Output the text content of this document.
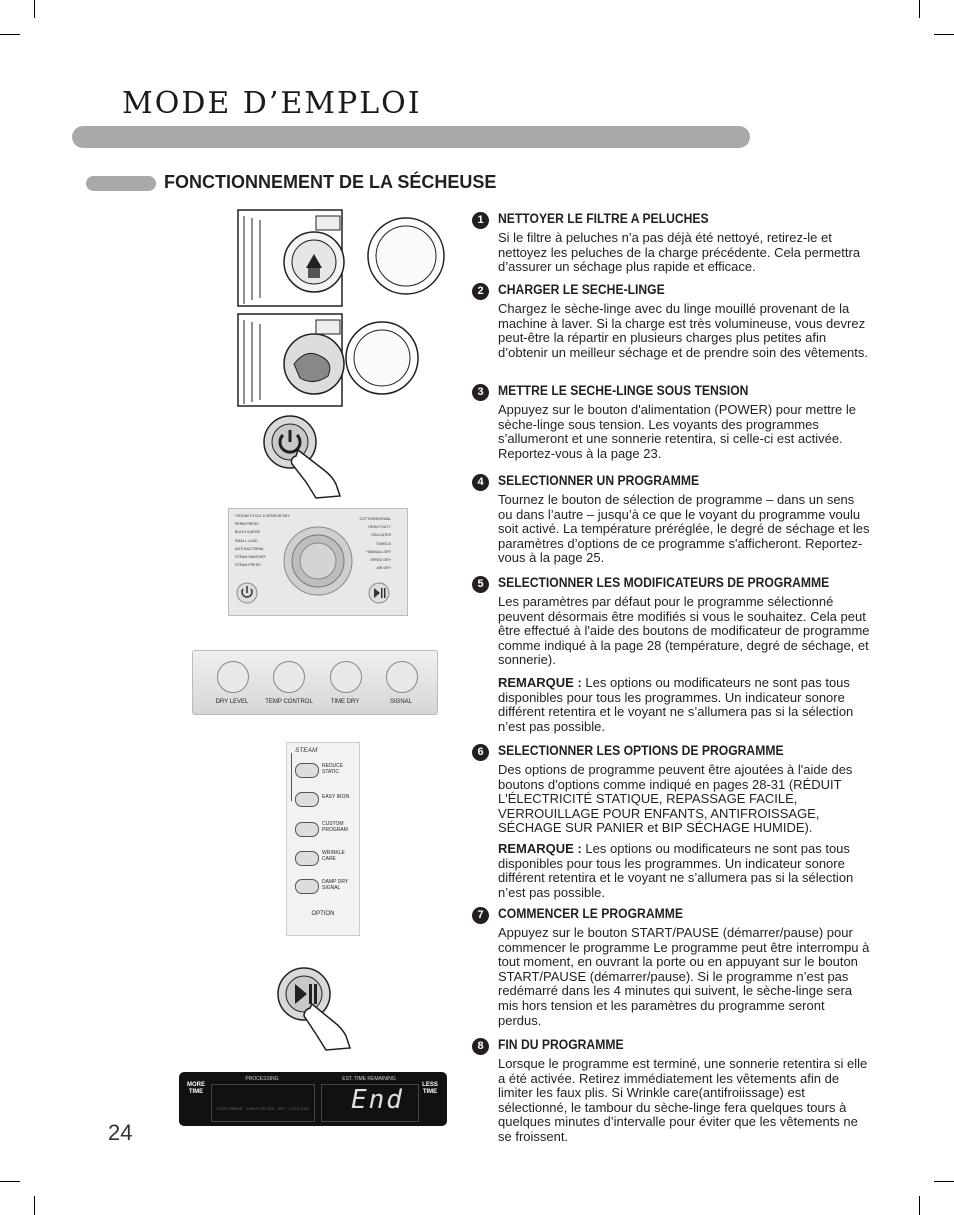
MODE D’EMPLOI
FONCTIONNEMENT DE LA SÉCHEUSE
*STEAM CYCLE & SENSOR DRY
PERM.PRESS
BULKY/LARGE
SMALL LOAD
ANTI BACTERIAL
STEAM SANITARY
STEAM FRESH
COTTON/NORMAL
HEAVY DUTY
DELICATES
TOWELS
*MANUAL DRY
SPEED DRY
AIR DRY
DRY LEVEL	TEMP CONTROL	TIME DRY	SIGNAL
STEAM
REDUCE STATIC
EASY IRON
CUSTOM PROGRAM
WRINKLE CARE
DAMP DRY SIGNAL
OPTION
MORE TIME
LESS TIME
PROCESSING	EST. TIME REMAINING
FLOW SENSE CHECK FILTER DRY COOL END End
1	NETTOYER LE FILTRE A PELUCHES

Si le filtre à peluches n’a pas déjà été nettoyé, retirez-le et nettoyez les peluches de la charge précédente. Cela permettra d’assurer un séchage plus rapide et efficace.

2	CHARGER LE SECHE-LINGE

Chargez le sèche-linge avec du linge mouillé provenant de la machine à laver. Si la charge est très volumineuse, vous devrez peut-être la répartir en plusieurs charges plus petites afin d’obtenir un meilleur séchage et de prendre soin des vêtements.

3	METTRE LE SECHE-LINGE SOUS TENSION

Appuyez sur le bouton d'alimentation (POWER) pour mettre le sèche-linge sous tension. Les voyants des programmes s’allumeront et une sonnerie retentira, si celle-ci est activée. Reportez-vous à la page 23.

4	SELECTIONNER UN PROGRAMME

Tournez le bouton de sélection de programme – dans un sens ou dans l’autre – jusqu’à ce que le voyant du programme voulu soit activé. La température préréglée, le degré de séchage et les paramètres d’options de ce programme s'afficheront. Reportez-vous à la page 25.

5	SELECTIONNER LES MODIFICATEURS DE PROGRAMME

Les paramètres par défaut pour le programme sélectionné peuvent désormais être modifiés si vous le souhaitez. Cela peut être effectué à l'aide des boutons de modificateur de programme comme indiqué à la page 28 (température, degré de séchage, et sonnerie).

REMARQUE : Les options ou modificateurs ne sont pas tous disponibles pour tous les programmes. Un indicateur sonore différent retentira et le voyant ne s’allumera pas si la sélection n’est pas possible.

6	SELECTIONNER LES OPTIONS DE PROGRAMME

Des options de programme peuvent être ajoutées à l'aide des boutons d'options comme indiqué en pages 28-31 (RÉDUIT L'ÉLECTRICITÉ STATIQUE, REPASSAGE FACILE, VERROUILLAGE POUR ENFANTS, ANTIFROISSAGE, SÉCHAGE SUR PANIER et BIP SÉCHAGE HUMIDE).

REMARQUE : Les options ou modificateurs ne sont pas tous disponibles pour tous les programmes. Un indicateur sonore différent retentira et le voyant ne s’allumera pas si la sélection n’est pas possible.

7	COMMENCER LE PROGRAMME

Appuyez sur le bouton START/PAUSE (démarrer/pause) pour commencer le programme Le programme peut être interrompu à tout moment, en ouvrant la porte ou en appuyant sur le bouton START/PAUSE (démarrer/pause). Si le programme n’est pas redémarré dans les 4 minutes qui suivent, le sèche-linge sera mis hors tension et les paramètres du programme seront perdus.

8	FIN DU PROGRAMME

Lorsque le programme est terminé, une sonnerie retentira si elle a été activée. Retirez immédiatement les vêtements afin de limiter les faux plis. Si Wrinkle care(antifroiissage) est sélectionné, le tambour du sèche-linge fera quelques tours à quelques minutes d’intervalle pour éviter que les vêtements ne se froissent.

24
